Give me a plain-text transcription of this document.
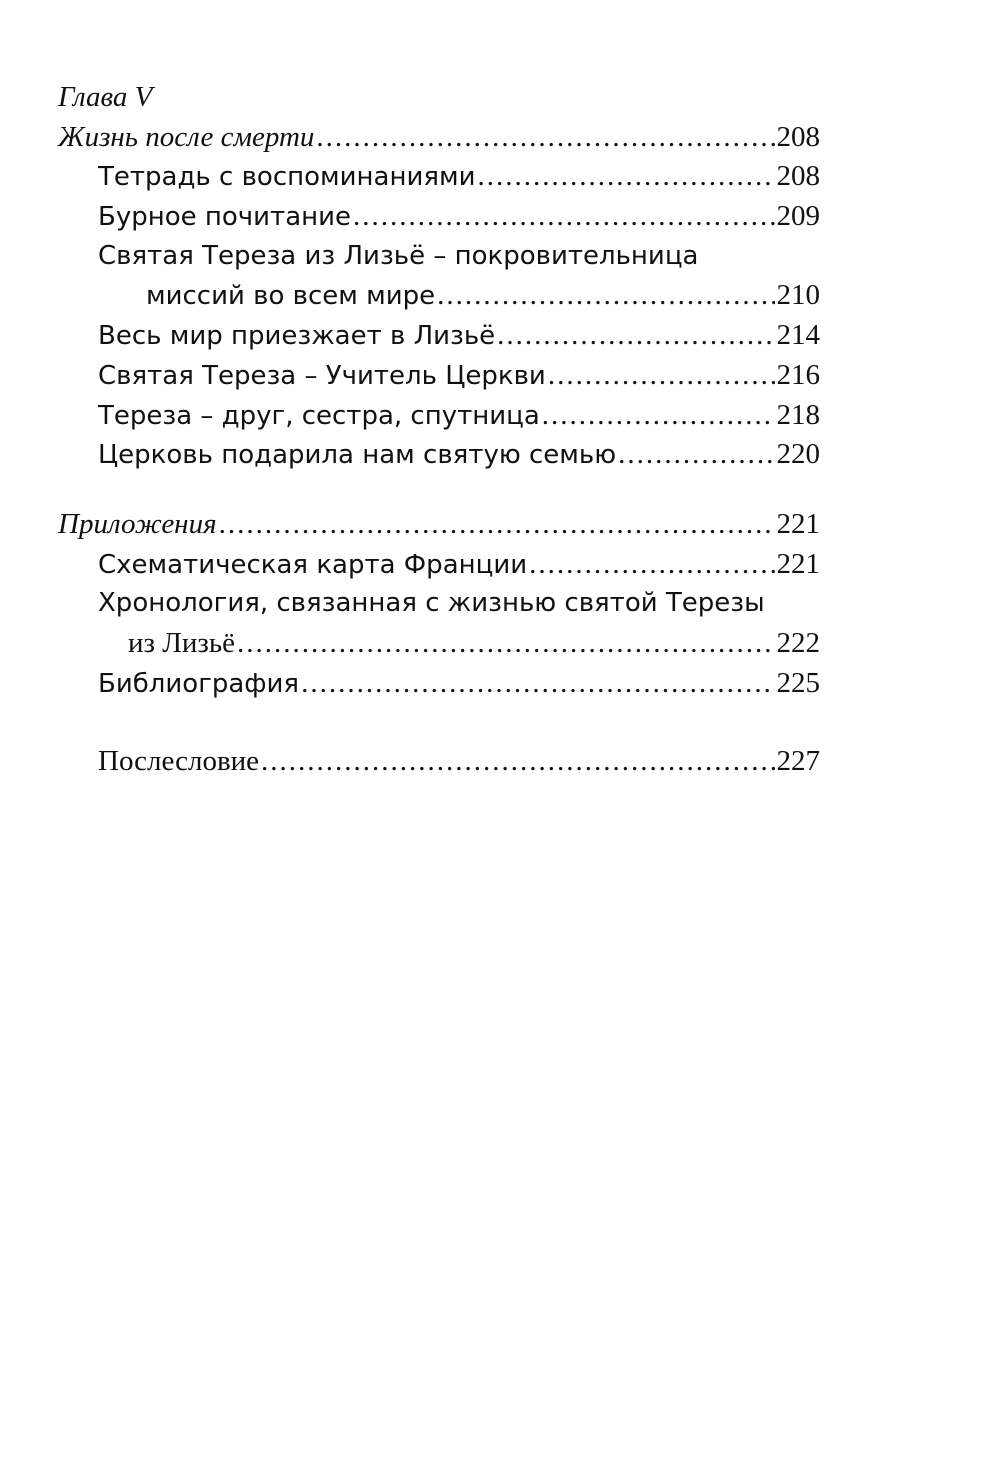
Глава V
Жизнь после смерти .....	208
Тетрадь с воспоминаниями .....	208
Бурное почитание .....	209
Святая Тереза из Лизьё – покровительница
миссий во всем мире .....	210
Весь мир приезжает в Лизьё .....	214
Святая Тереза – Учитель Церкви .....	216
Тереза – друг, сестра, спутница .....	218
Церковь подарила нам святую семью .....	220
Приложения .....	221
Схематическая карта Франции .....	221
Хронология, связанная с жизнью святой Терезы
из Лизьё .....	222
Библиография .....	225
Послесловие .....	227
